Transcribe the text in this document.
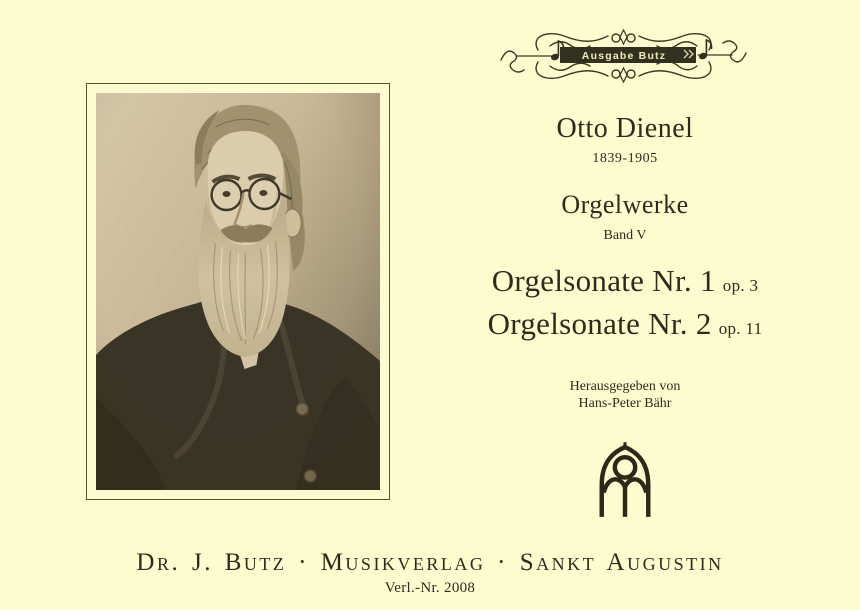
Ausgabe Butz
Otto Dienel
1839-1905
Orgelwerke
Band V
Orgelsonate Nr. 1 op. 3
Orgelsonate Nr. 2 op. 11
Herausgegeben von
Hans-Peter Bähr
Dr. J. Butz · Musikverlag · Sankt Augustin
Verl.-Nr. 2008
